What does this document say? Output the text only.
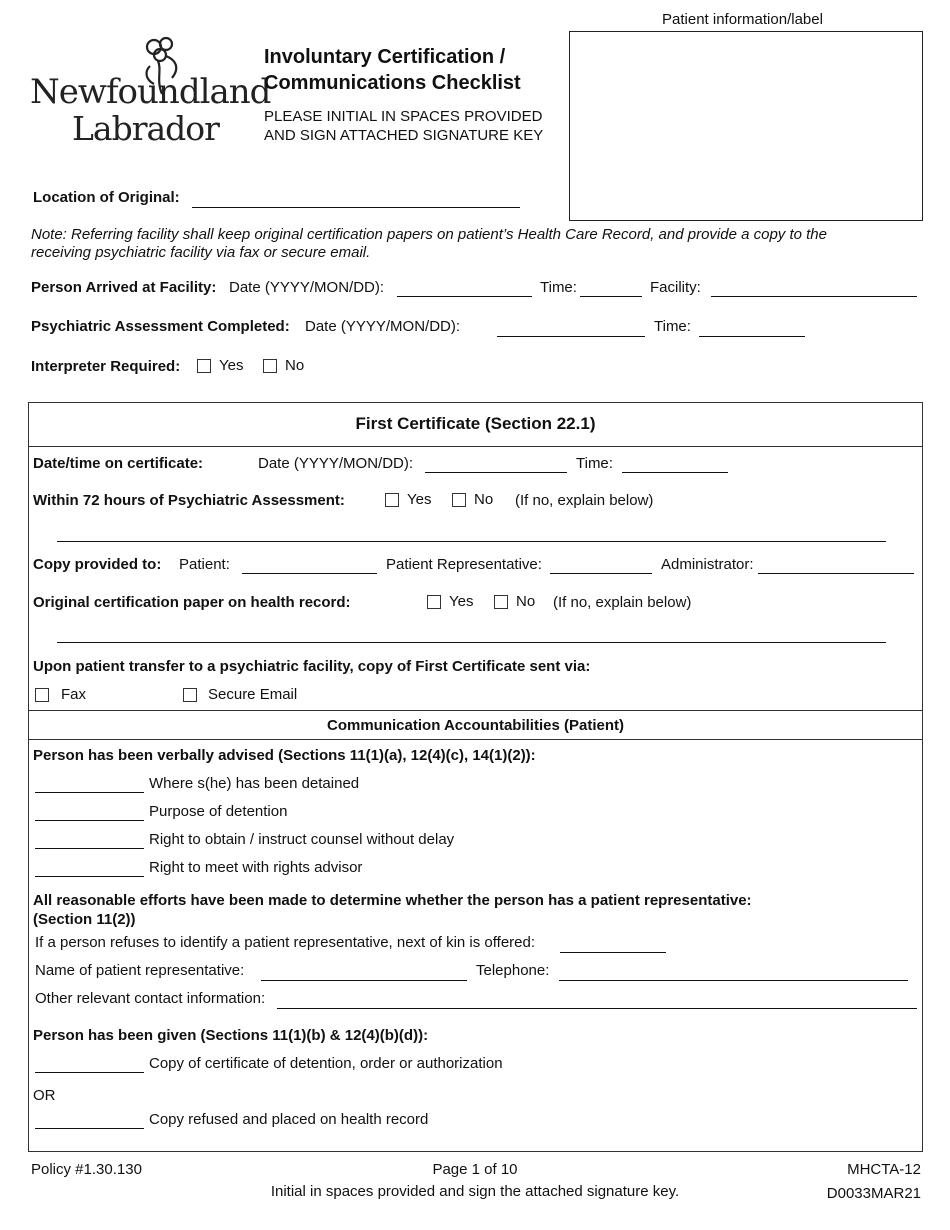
Patient information/label
Newfoundland
Labrador
Involuntary Certification /
Communications Checklist
PLEASE INITIAL IN SPACES PROVIDED
AND SIGN ATTACHED SIGNATURE KEY
Location of Original:
Note: Referring facility shall keep original certification papers on patient’s Health Care Record, and provide a copy to the
receiving psychiatric facility via fax or secure email.
Person Arrived at Facility: Date (YYYY/MON/DD):	Time:	Facility:
Psychiatric Assessment Completed: Date (YYYY/MON/DD):	Time:
Interpreter Required:	Yes	No
First Certificate (Section 22.1)
Date/time on certificate:	Date (YYYY/MON/DD):	Time:
Within 72 hours of Psychiatric Assessment:	Yes	No (If no, explain below)
Copy provided to: Patient:	Patient Representative:	Administrator:
Original certification paper on health record:	Yes	No (If no, explain below)
Upon patient transfer to a psychiatric facility, copy of First Certificate sent via:
Fax	Secure Email
Communication Accountabilities (Patient)
Person has been verbally advised (Sections 11(1)(a), 12(4)(c), 14(1)(2)):
Where s(he) has been detained
Purpose of detention
Right to obtain / instruct counsel without delay
Right to meet with rights advisor
All reasonable efforts have been made to determine whether the person has a patient representative:
(Section 11(2))
If a person refuses to identify a patient representative, next of kin is offered:
Name of patient representative:	Telephone:
Other relevant contact information:
Person has been given (Sections 11(1)(b) & 12(4)(b)(d)):
Copy of certificate of detention, order or authorization
OR
Copy refused and placed on health record
Policy #1.30.130	Page 1 of 10	MHCTA-12
Initial in spaces provided and sign the attached signature key.	D0033MAR21
